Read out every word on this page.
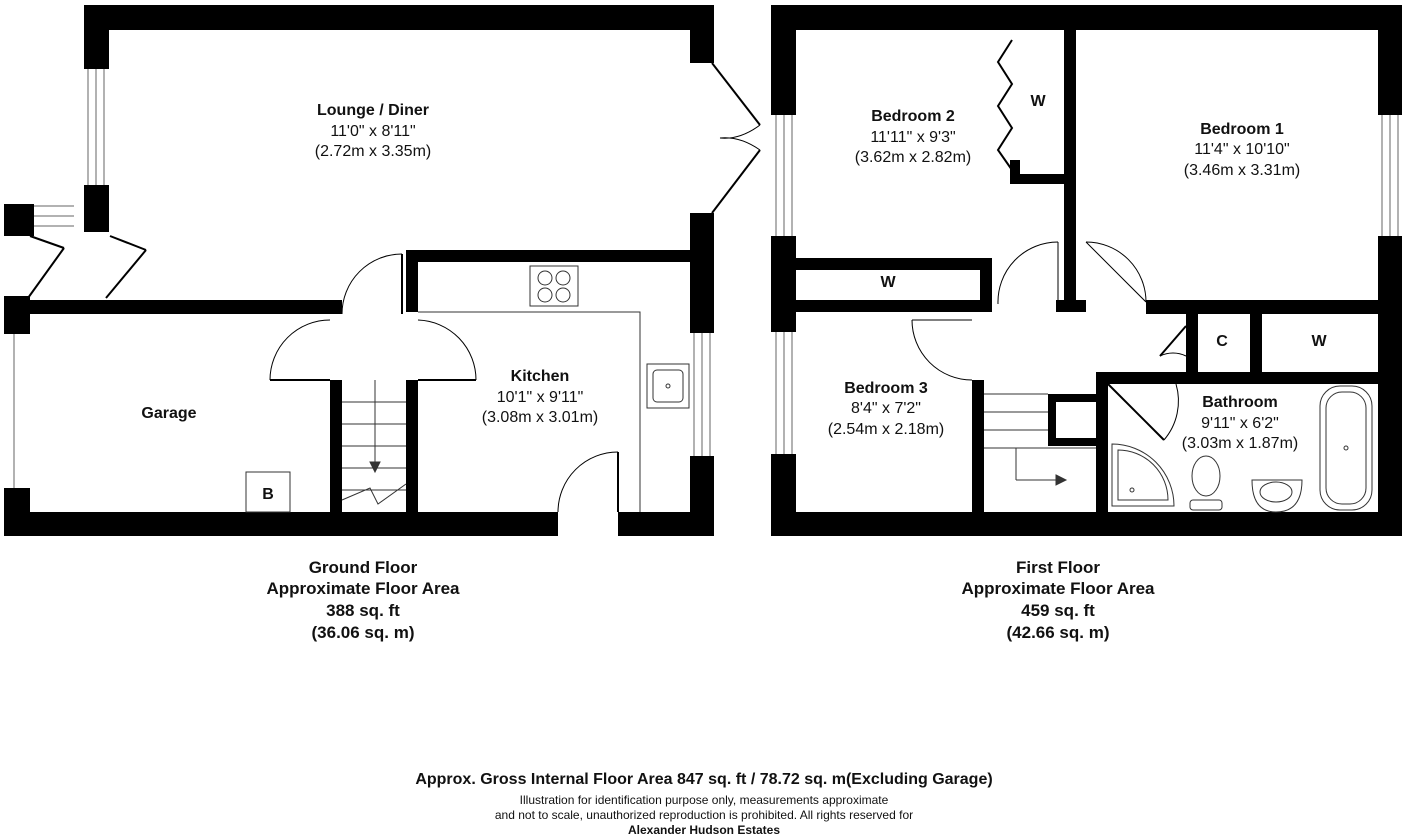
Lounge / Diner
11'0" x 8'11"
(2.72m x 3.35m)
Kitchen
10'1" x 9'11"
(3.08m x 3.01m)
Garage
B
Ground Floor
Approximate Floor Area
388 sq. ft
(36.06 sq. m)
Bedroom 2
11'11" x 9'3"
(3.62m x 2.82m)
Bedroom 1
11'4" x 10'10"
(3.46m x 3.31m)
Bedroom 3
8'4" x 7'2"
(2.54m x 2.18m)
Bathroom
9'11" x 6'2"
(3.03m x 1.87m)
W
W
C	W
First Floor
Approximate Floor Area
459 sq. ft
(42.66 sq. m)
Approx. Gross Internal Floor Area 847 sq. ft / 78.72 sq. m(Excluding Garage)
Illustration for identification purpose only, measurements approximate
and not to scale, unauthorized reproduction is prohibited. All rights reserved for
Alexander Hudson Estates
